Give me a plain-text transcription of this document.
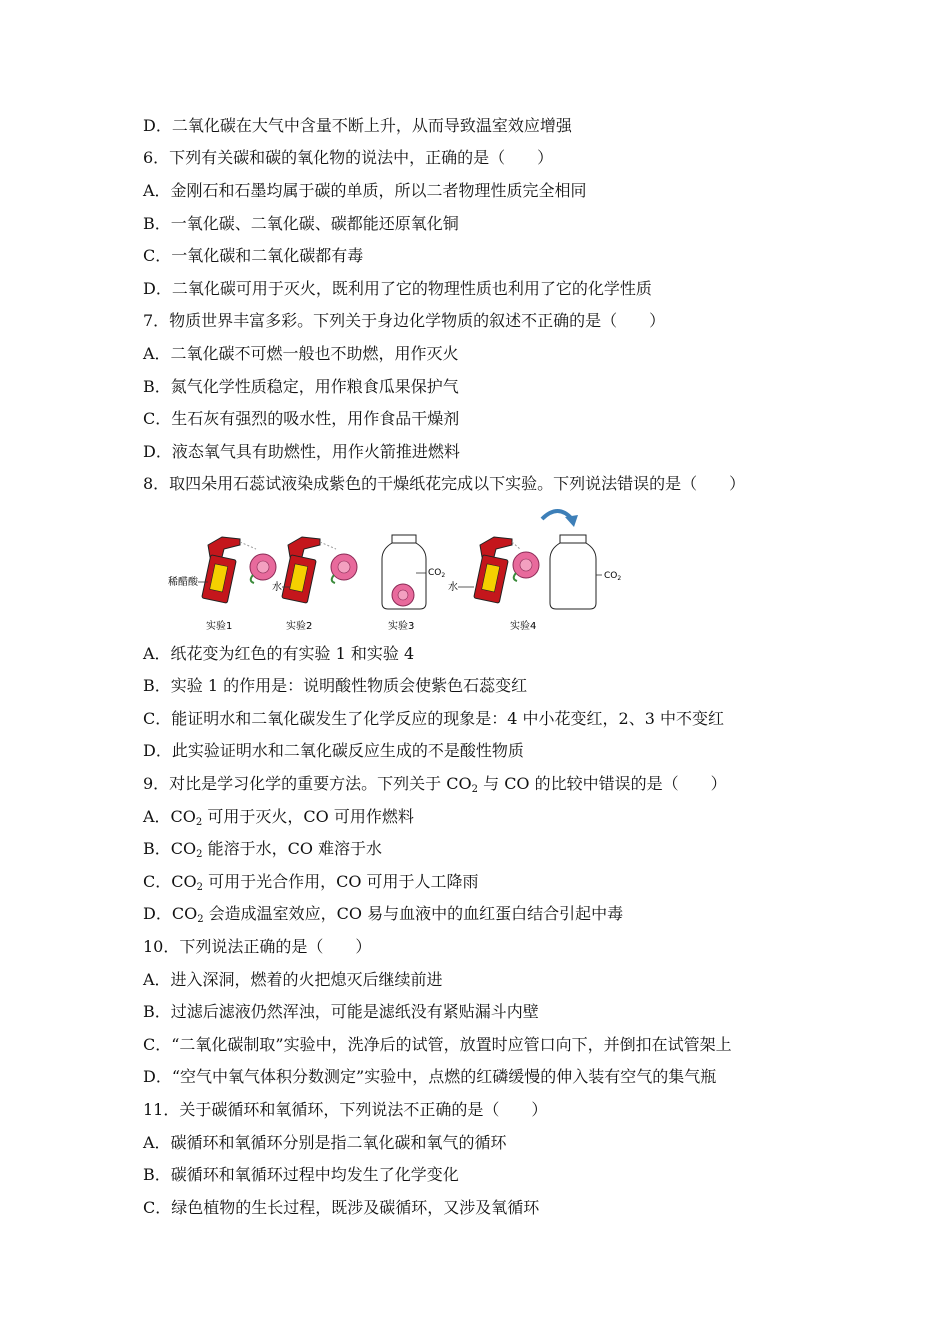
D．二氧化碳在大气中含量不断上升，从而导致温室效应增强
6．下列有关碳和碳的氧化物的说法中，正确的是（　　）
A．金刚石和石墨均属于碳的单质，所以二者物理性质完全相同
B．一氧化碳、二氧化碳、碳都能还原氧化铜
C．一氧化碳和二氧化碳都有毒
D．二氧化碳可用于灭火，既利用了它的物理性质也利用了它的化学性质
7．物质世界丰富多彩。下列关于身边化学物质的叙述不正确的是（　　）
A．二氧化碳不可燃一般也不助燃，用作灭火
B．氮气化学性质稳定，用作粮食瓜果保护气
C．生石灰有强烈的吸水性，用作食品干燥剂
D．液态氧气具有助燃性，用作火箭推进燃料
8．取四朵用石蕊试液染成紫色的干燥纸花完成以下实验。下列说法错误的是（　　）
稀醋酸
实验1
水
实验2
$CO_2$
实验3
水
实验4
$CO_2$
A．纸花变为红色的有实验 1 和实验 4
B．实验 1 的作用是：说明酸性物质会使紫色石蕊变红
C．能证明水和二氧化碳发生了化学反应的现象是：4 中小花变红，2、3 中不变红
D．此实验证明水和二氧化碳反应生成的不是酸性物质
9．对比是学习化学的重要方法。下列关于 $CO_2$ 与 CO 的比较中错误的是（　　）
A．$CO_2$ 可用于灭火，CO 可用作燃料
B．$CO_2$ 能溶于水，CO 难溶于水
C．$CO_2$ 可用于光合作用，CO 可用于人工降雨
D．$CO_2$ 会造成温室效应，CO 易与血液中的血红蛋白结合引起中毒
10．下列说法正确的是（　　）
A．进入深洞，燃着的火把熄灭后继续前进
B．过滤后滤液仍然浑浊，可能是滤纸没有紧贴漏斗内壁
C．“二氧化碳制取”实验中，洗净后的试管，放置时应管口向下，并倒扣在试管架上
D．“空气中氧气体积分数测定”实验中，点燃的红磷缓慢的伸入装有空气的集气瓶
11．关于碳循环和氧循环，下列说法不正确的是（　　）
A．碳循环和氧循环分别是指二氧化碳和氧气的循环
B．碳循环和氧循环过程中均发生了化学变化
C．绿色植物的生长过程，既涉及碳循环，又涉及氧循环
